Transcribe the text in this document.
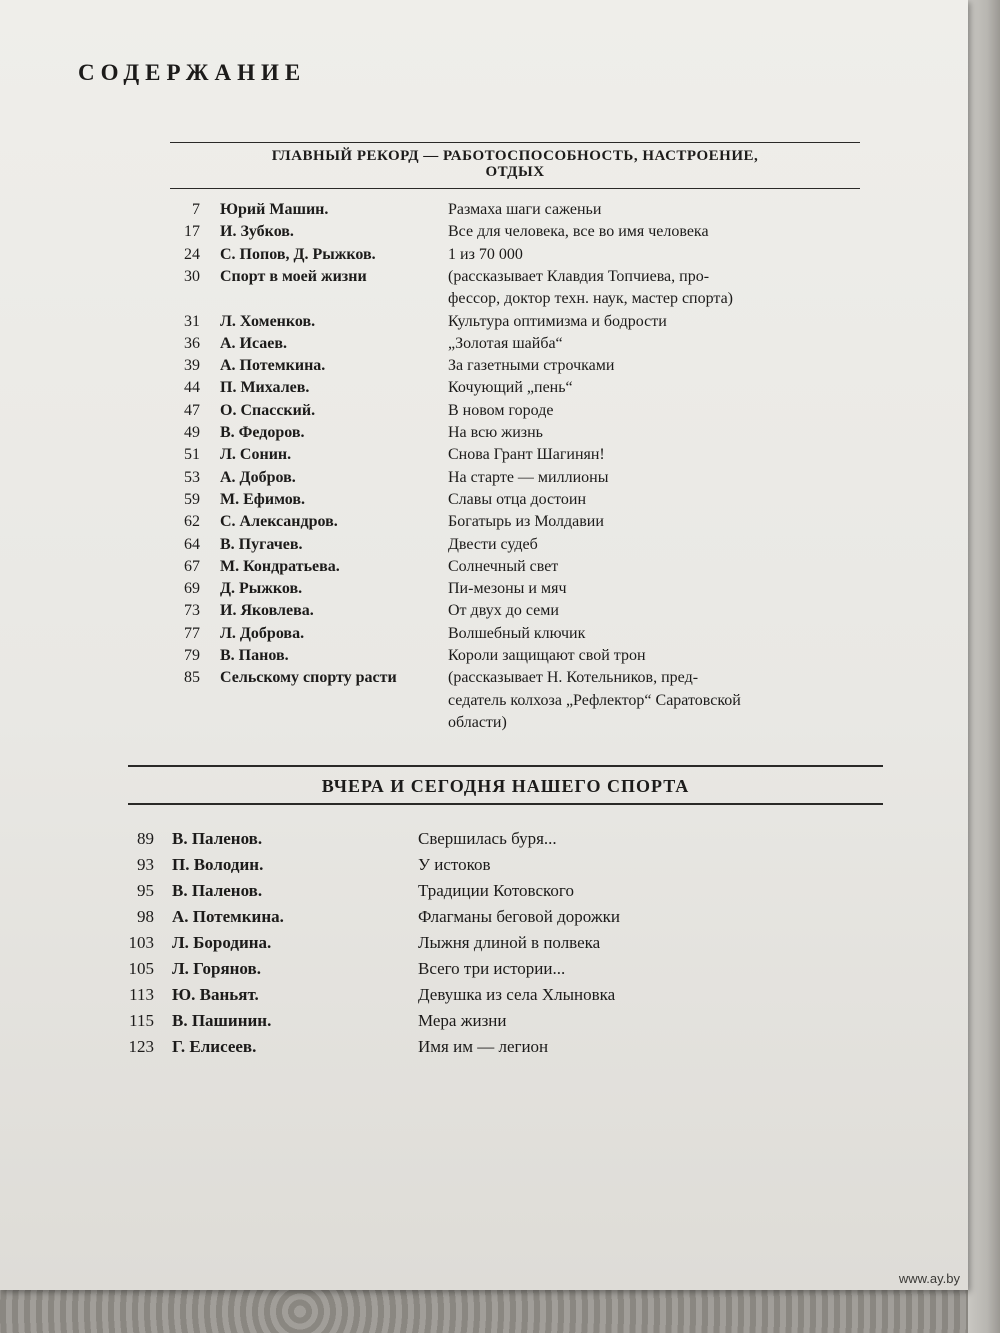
СОДЕРЖАНИЕ
ГЛАВНЫЙ РЕКОРД — РАБОТОСПОСОБНОСТЬ, НАСТРОЕНИЕ,
ОТДЫХ
7 Юрий Машин.	Размаха шаги саженьи
17 И. Зубков.	Все для человека, все во имя человека
24 С. Попов, Д. Рыжков.	1 из 70 000
30 Спорт в моей жизни	(рассказывает Клавдия Топчиева, про-
фессор, доктор техн. наук, мастер спорта)
31 Л. Хоменков.	Культура оптимизма и бодрости
36 А. Исаев.	„Золотая шайба“
39 А. Потемкина.	За газетными строчками
44 П. Михалев.	Кочующий „пень“
47 О. Спасский.	В новом городе
49 В. Федоров.	На всю жизнь
51 Л. Сонин.	Снова Грант Шагинян!
53 А. Добров.	На старте — миллионы
59 М. Ефимов.	Славы отца достоин
62 С. Александров.	Богатырь из Молдавии
64 В. Пугачев.	Двести судеб
67 М. Кондратьева.	Солнечный свет
69 Д. Рыжков.	Пи-мезоны и мяч
73 И. Яковлева.	От двух до семи
77 Л. Доброва.	Волшебный ключик
79 В. Панов.	Короли защищают свой трон
85 Сельскому спорту расти	(рассказывает Н. Котельников, пред-
седатель колхоза „Рефлектор“ Саратовской
области)
ВЧЕРА И СЕГОДНЯ НАШЕГО СПОРТА
89 В. Паленов.	Свершилась буря...
93 П. Володин.	У истоков
95 В. Паленов.	Традиции Котовского
98 А. Потемкина.	Флагманы беговой дорожки
103 Л. Бородина.	Лыжня длиной в полвека
105 Л. Горянов.	Всего три истории...
113 Ю. Ваньят.	Девушка из села Хлыновка
115 В. Пашинин.	Мера жизни
123 Г. Елисеев.	Имя им — легион
www.ay.by
